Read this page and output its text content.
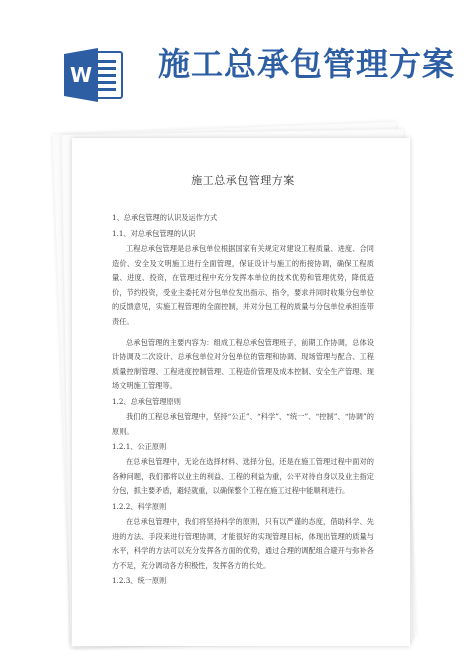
W 施工总承包管理方案
施工总承包管理方案
1、总承包管理的认识及运作方式
1.1、对总承包管理的认识
工程总承包管理是总承包单位根据国家有关规定对建设工程质量、进度、合同造价、安全及文明施工进行全面管理，保证设计与施工的衔接协调，确保工程质量、进度、投资，在管理过程中充分发挥本单位的技术优势和管理优势，降低造价，节约投资，受业主委托对分包单位发出指示、指令，要求并同时收集分包单位的反馈意见，实施工程管理的全面控制，并对分包工程的质量与分包单位承担连带责任。
总承包管理的主要内容为：组成工程总承包管理班子，前期工作协调，总体设计协调及二次设计、总承包单位对分包单位的管理和协调、现场管理与配合、工程质量控制管理、工程进度控制管理、工程造价管理及成本控制、安全生产管理、现场文明施工管理等。
1.2、总承包管理原则
我们的工程总承包管理中，坚持“公正”、“科学”、“统一”、“控制”、“协调”的原则。
1.2.1、公正原则
在总承包管理中，无论在选择材料、选择分包，还是在施工管理过程中面对的各种问题，我们都将以业主的利益、工程的利益为重，公平对待自身以及业主指定分包，抓主要矛盾，避轻就重，以确保整个工程在施工过程中能顺利进行。
1.2.2、科学原则
在总承包管理中，我们将坚持科学的原则，只有以严谨的态度，借助科学、先进的方法、手段来进行管理协调，才能很好的实现管理目标，体现出管理的质量与水平，科学的方法可以充分发挥各方面的优势，通过合理的调配组合避开与弥补各方不足，充分调动各方积极性，发挥各方的长处。
1.2.3、统一原则
